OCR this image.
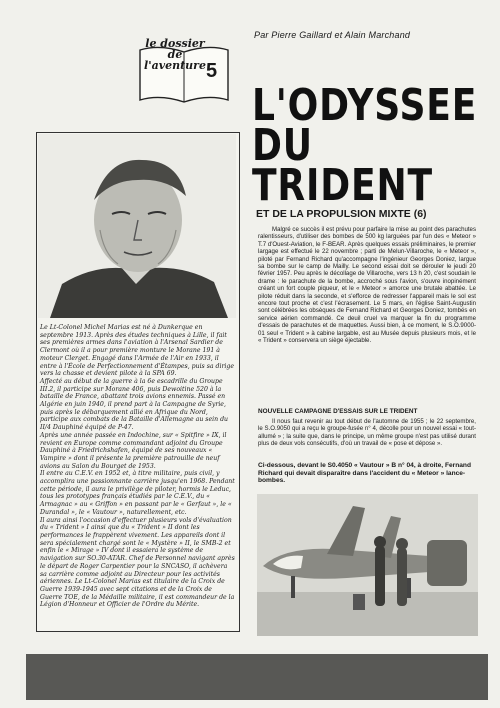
Par Pierre Gaillard et Alain Marchand
le dossier de l'aventure 5
L'ODYSSEE
DU
TRIDENT
ET DE LA PROPULSION MIXTE (6)
Malgré ce succès il est prévu pour parfaire la mise au point des parachutes ralentisseurs, d'utiliser des bombes de 500 kg larguées par l'un des « Meteor » T.7 d'Ouest-Aviation, le F-BEAR. Après quelques essais préliminaires, le premier largage est effectué le 22 novembre ; parti de Melun-Villaroche, le « Meteor », piloté par Fernand Richard qu'accompagne l'ingénieur Georges Doniez, largue sa bombe sur le camp de Mailly. Le second essai doit se dérouler le jeudi 20 février 1957. Peu après le décollage de Villaroche, vers 13 h 20, c'est soudain le drame : le parachute de la bombe, accroché sous l'avion, s'ouvre inopinément créant un fort couple piqueur, et le « Meteor » amorce une brutale abattée. Le pilote réduit dans la seconde, et s'efforce de redresser l'appareil mais le sol est encore tout proche et c'est l'écrasement. Le 5 mars, en l'église Saint-Augustin sont célébrées les obsèques de Fernand Richard et Georges Doniez, tombés en service aérien commandé. Ce deuil cruel va marquer la fin du programme d'essais de parachutes et de maquettes. Aussi bien, à ce moment, le S.O.9000-01 seul « Trident » à cabine largable, est au Musée depuis plusieurs mois, et le « Trident » conservera un siège éjectable.
NOUVELLE CAMPAGNE D'ESSAIS SUR LE TRIDENT
Il nous faut revenir au tout début de l'automne de 1955 ; le 22 septembre, le S.O.9050 qui a reçu le groupe-fusée n° 4, décolle pour un nouvel essai « tout-allumé » ; la suite que, dans le principe, un même groupe n'est pas utilisé durant plus de deux vols consécutifs, d'où un travail de « pose et dépose ».
Ci-dessous, devant le S0.4050 « Vautour » B n° 04, à droite, Fernand Richard qui devait disparaître dans l'accident du « Meteor » lance-bombes.

Le Lt-Colonel Michel Marias est né à Dunkerque en septembre 1913. Après des études techniques à Lille, il fait ses premières armes dans l'aviation à l'Arsenal Sardier de Clermont où il a pour première monture le Morane 191 à moteur Clerget. Engagé dans l'Armée de l'Air en 1933, il entre à l'École de Perfectionnement d'Étampes, puis sa dirige vers la chasse et devient pilote à la SPA 69.

Affecté au début de la guerre à la 6e escadrille du Groupe III.2, il participe sur Morane 406, puis Dewoitine 520 à la bataille de France, abattant trois avions ennemis. Passé en Algérie en juin 1940, il prend part à la Campagne de Syrie, puis après le débarquement allié en Afrique du Nord, participe aux combats de la Bataille d'Allemagne au sein du II/4 Dauphiné équipé de P-47.

Après une année passée en Indochine, sur « Spitfire » IX, il revient en Europe comme commandant adjoint du Groupe Dauphiné à Friedrichshafen, équipé de ses nouveaux « Vampire » dont il présente la première patrouille de neuf avions au Salon du Bourget de 1953.

Il entre au C.E.V. en 1952 et, à titre militaire, puis civil, y accomplira une passionnante carrière jusqu'en 1968. Pendant cette période, il aura le privilège de piloter, hormis le Leduc, tous les prototypes français étudiés par le C.E.V., du « Armagnac » au « Griffon » en passant par le « Gerfaut », le « Durandal », le « Vautour », naturellement, etc.

Il aura ainsi l'occasion d'effectuer plusieurs vols d'évaluation du « Trident » I ainsi que du « Trident » II dont les performances le frappèrent vivement. Les appareils dont il sera spécialement chargé sont le « Mystère » II, le SMB-2 et enfin le « Mirage » IV dont il essaiera le système de navigation sur SO.30-ATAR. Chef de Personnel navigant après le départ de Roger Carpentier pour la SNCASO, il achèvera sa carrière comme adjoint au Directeur pour les activités aériennes. Le Lt-Colonel Marias est titulaire de la Croix de Guerre 1939-1945 avec sept citations et de la Croix de Guerre TOE, de la Médaille militaire, il est commandeur de la Légion d'Honneur et Officier de l'Ordre du Mérite.
